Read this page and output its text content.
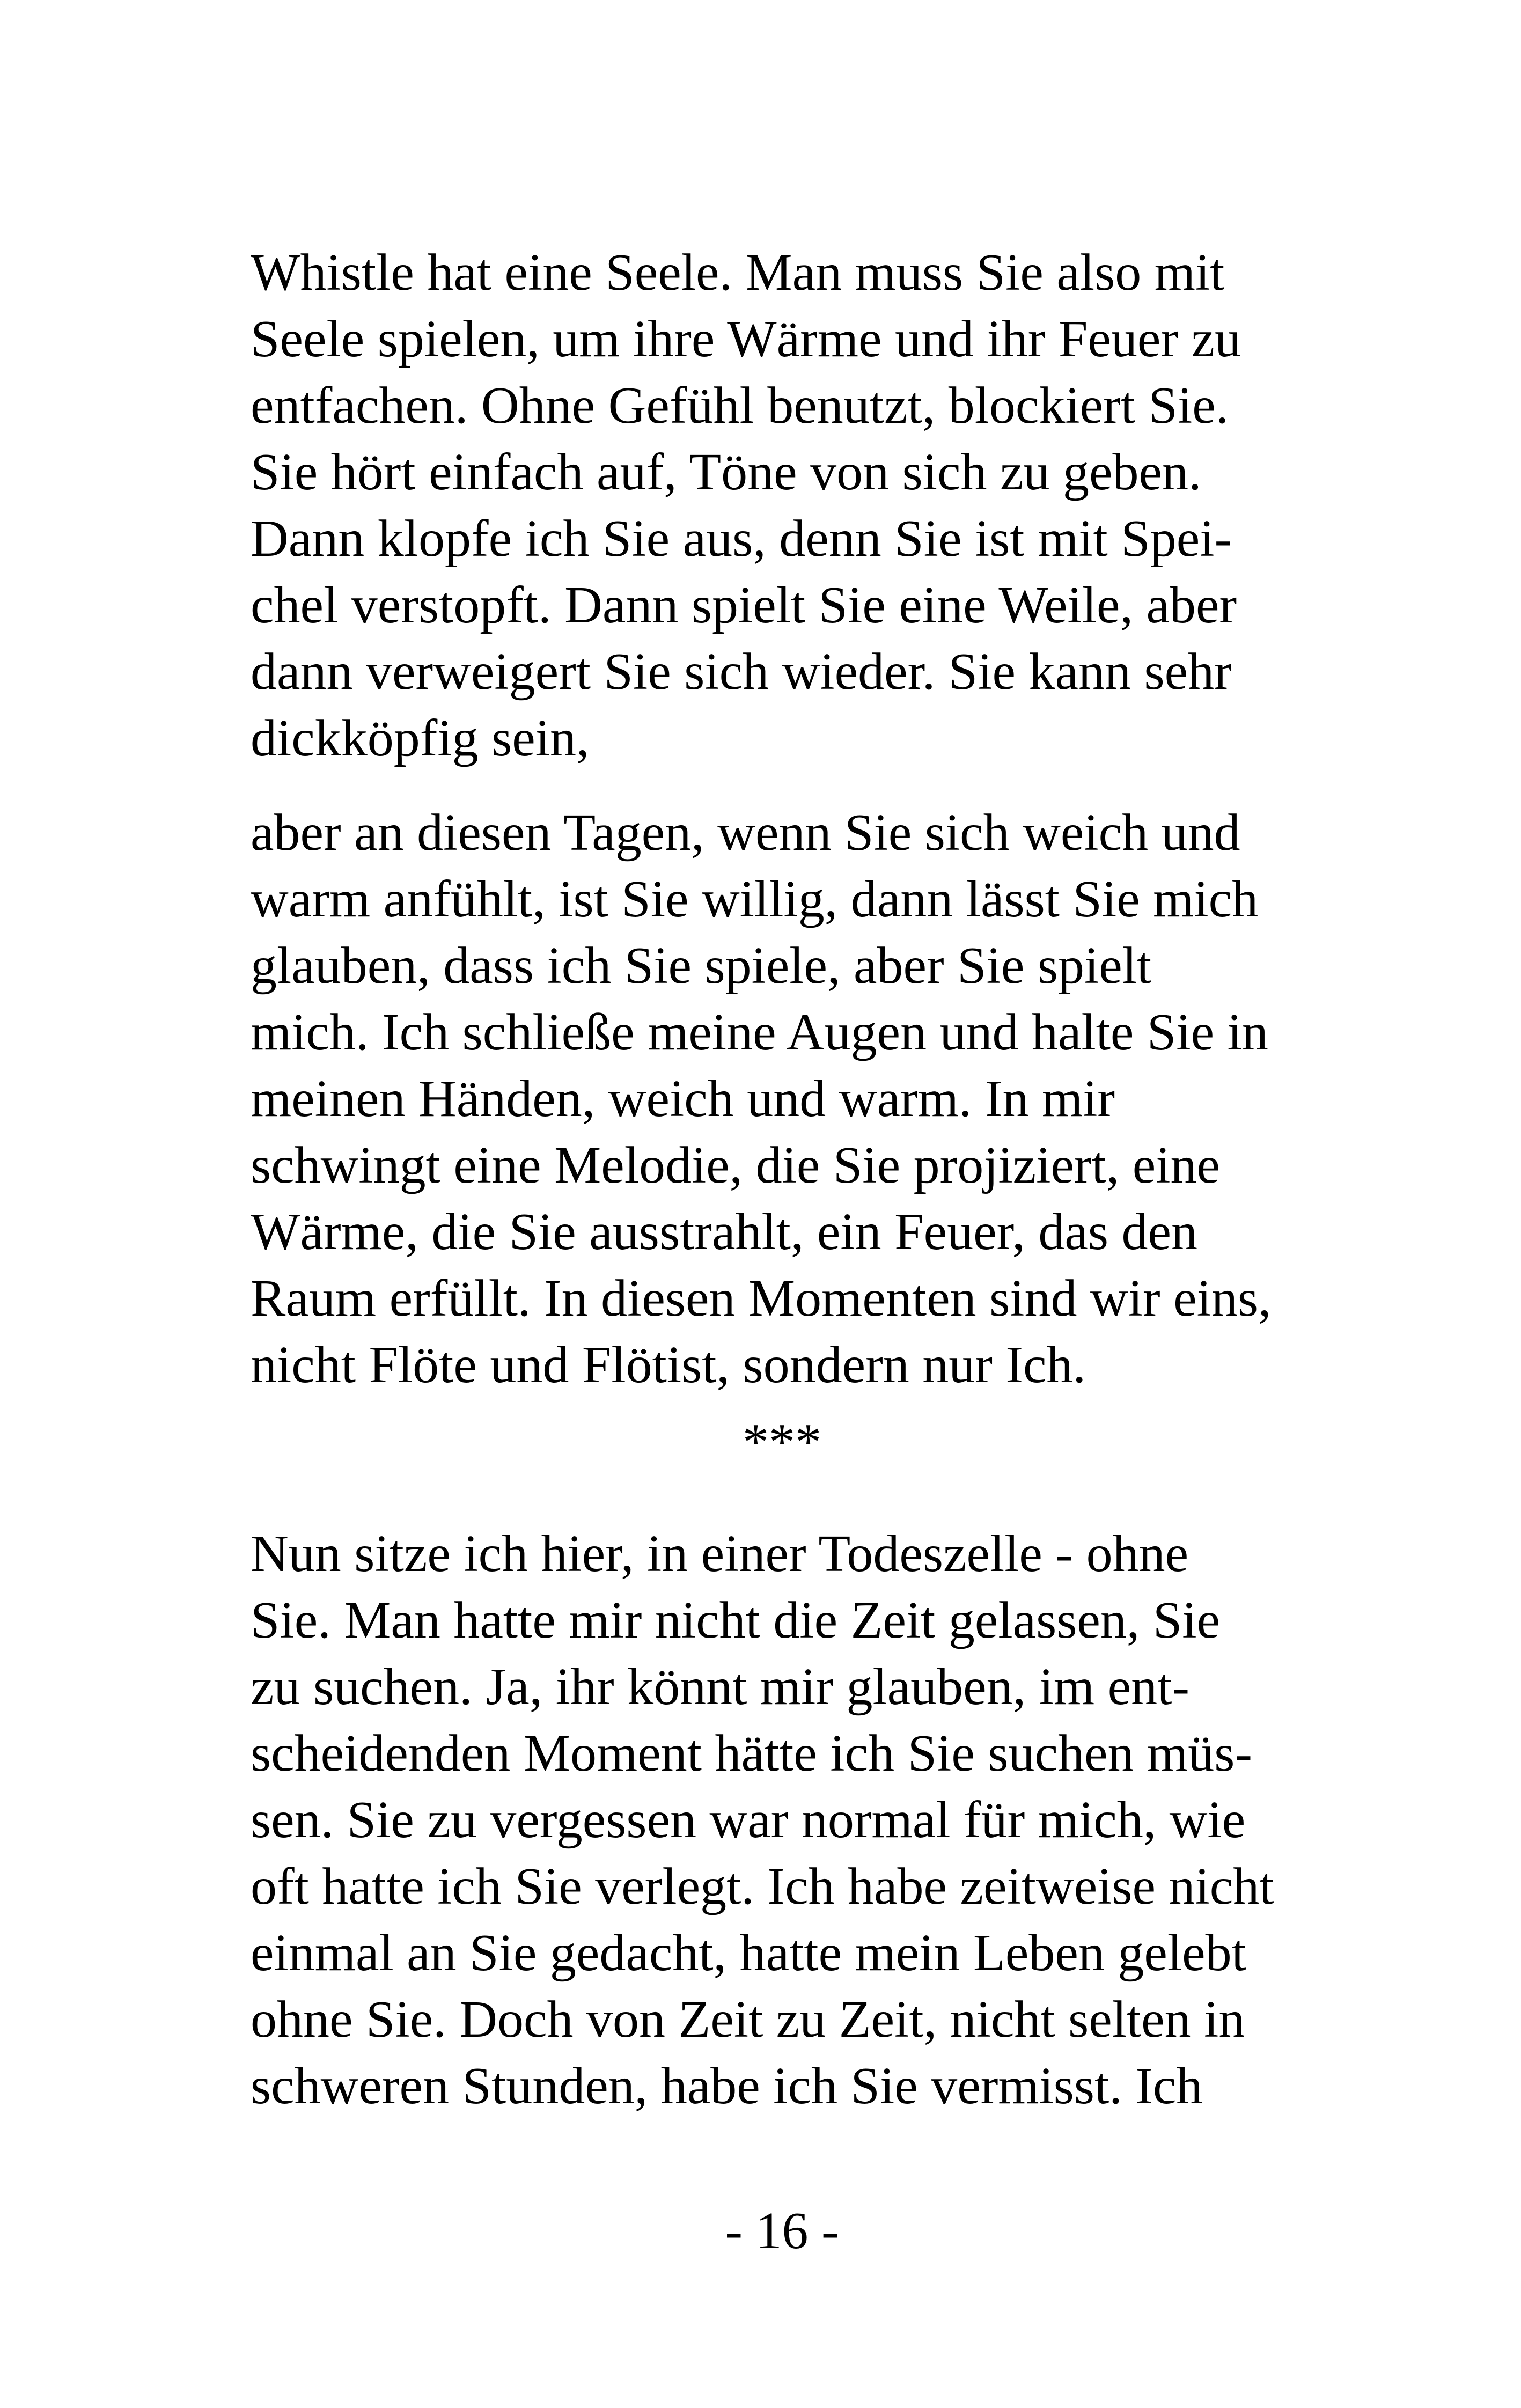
Whistle hat eine Seele. Man muss Sie also mit
Seele spielen, um ihre Wärme und ihr Feuer zu
entfachen. Ohne Gefühl benutzt, blockiert Sie.
Sie hört einfach auf, Töne von sich zu geben.
Dann klopfe ich Sie aus, denn Sie ist mit Spei-
chel verstopft. Dann spielt Sie eine Weile, aber
dann verweigert Sie sich wieder. Sie kann sehr
dickköpfig sein,
aber an diesen Tagen, wenn Sie sich weich und
warm anfühlt, ist Sie willig, dann lässt Sie mich
glauben, dass ich Sie spiele, aber Sie spielt
mich. Ich schließe meine Augen und halte Sie in
meinen Händen, weich und warm. In mir
schwingt eine Melodie, die Sie projiziert, eine
Wärme, die Sie ausstrahlt, ein Feuer, das den
Raum erfüllt. In diesen Momenten sind wir eins,
nicht Flöte und Flötist, sondern nur Ich.
***
Nun sitze ich hier, in einer Todeszelle - ohne
Sie. Man hatte mir nicht die Zeit gelassen, Sie
zu suchen. Ja, ihr könnt mir glauben, im ent-
scheidenden Moment hätte ich Sie suchen müs-
sen. Sie zu vergessen war normal für mich, wie
oft hatte ich Sie verlegt. Ich habe zeitweise nicht
einmal an Sie gedacht, hatte mein Leben gelebt
ohne Sie. Doch von Zeit zu Zeit, nicht selten in
schweren Stunden, habe ich Sie vermisst. Ich
- 16 -
